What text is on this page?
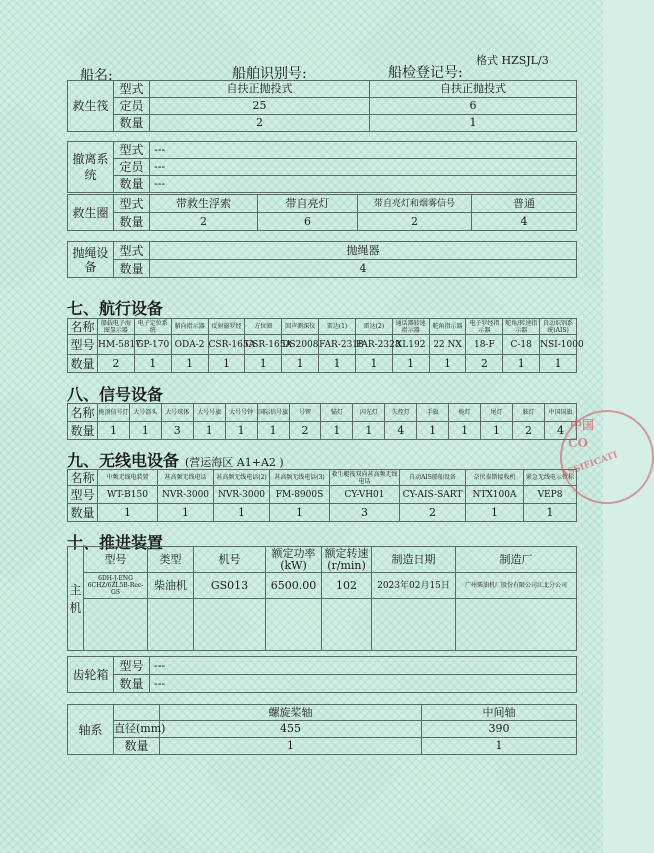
格式 HZSJL/3
船名:	船舶识别号:	船检登记号:
救生筏	型式	自扶正抛投式	自扶正抛投式
	定员	25	6
	数量	2	1
撤离系统	型式	---
	定员	---
	数量	---
救生圈	型式	带救生浮索	带自亮灯	带自亮灯和烟雾信号	普通
	数量	2	6	2	4
抛绳设备	型式	抛绳器
	数量	4
七、航行设备
名称	船载电子海图显示器	电子定位系统	艏向指示器	反射磁罗经	方位圈	回声测深仪	雷达(1)	雷达(2)	通话器转速指示器	舵角指示器	电子罗经指示器	舵角/转速指示器	自动识别系统(AIS)
型号	HM-5817	GP-170	ODA-2	CSR-165A	CSR-165A	DS2008	FAR-2318	FAR-2328	XL192	22 NX	18-F	C-18	NSI-1000
数量	2	1	1	1	1	1	1	1	1	1	2	1	1
八、信号设备
名称	桅顶信号灯	大号箭头	大号球体	大号号旗	大号号钟	国际信号旗	号锣	锚灯	闪光灯	失控灯	手旗	桅灯	尾灯	舷灯	中国国旗
数量	1	1	3	1	1	1	2	1	1	4	1	1	1	2	4
九、无线电设备 (营运海区 A1+A2 )
名称	中频无线电装置	甚高频无线电话	甚高频无线电话(2)	甚高频无线电话(3)	救生艇筏双向甚高频无线电话	自动AIS船舶设备	奈伏泰斯接收机	紧急无线电示位标
型号	WT-B150	NVR-3000	NVR-3000	FM-8900S	CY-VH01	CY-AIS-SART	NTX100A	VEP8
数量	1	1	1	1	3	2	1	1
十、推进装置
主机	型号	类型	机号	额定功率(kW)	额定转速(r/min)	制造日期	制造厂
	6DH-J-ENG 6CHZ/6ZL5B-Rec-GS	柴油机	GS013	6500.00	102	2023年02月15日	广州柴油机厂股份有限公司江北分公司

齿轮箱	型号	---
	数量	---
轴系		螺旋桨轴	中间轴
	直径(mm)	455	390
	数量	1	1
中国
CO
ASSIFICATI
